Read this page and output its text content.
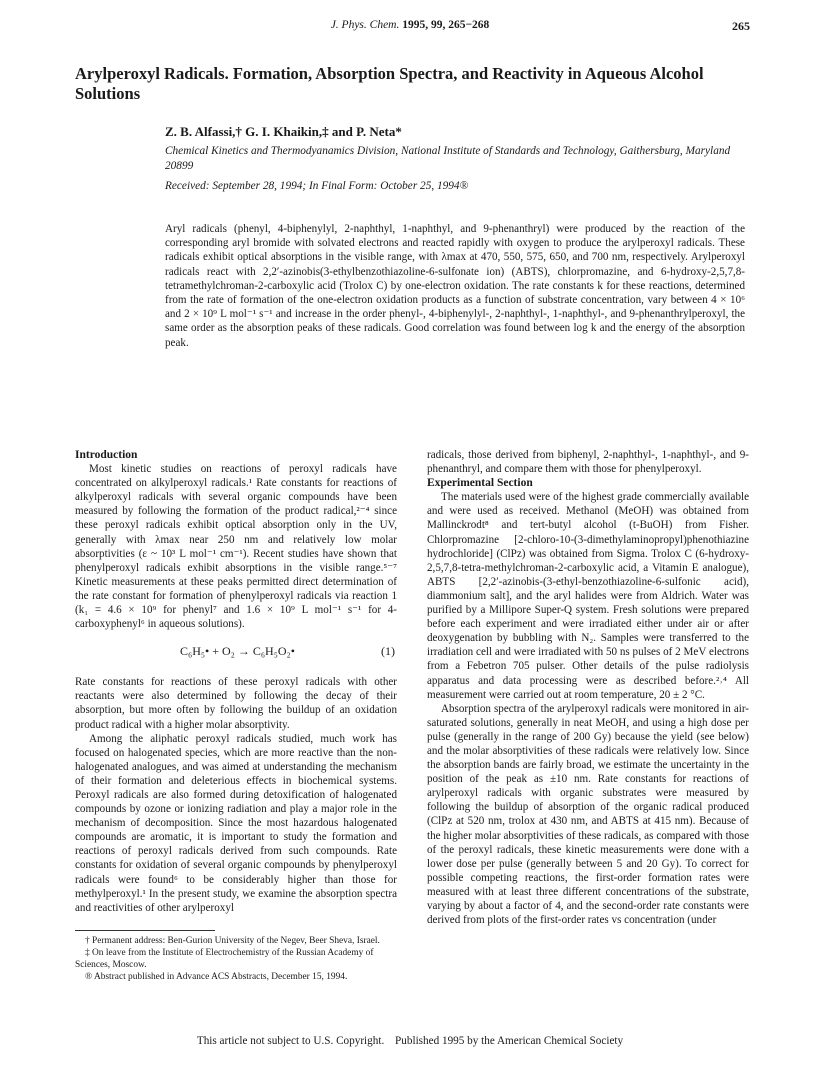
J. Phys. Chem. 1995, 99, 265−268	265
Arylperoxyl Radicals. Formation, Absorption Spectra, and Reactivity in Aqueous Alcohol Solutions
Z. B. Alfassi,† G. I. Khaikin,‡ and P. Neta*
Chemical Kinetics and Thermodyanamics Division, National Institute of Standards and Technology, Gaithersburg, Maryland 20899
Received: September 28, 1994; In Final Form: October 25, 1994®
Aryl radicals (phenyl, 4-biphenylyl, 2-naphthyl, 1-naphthyl, and 9-phenanthryl) were produced by the reaction of the corresponding aryl bromide with solvated electrons and reacted rapidly with oxygen to produce the arylperoxyl radicals. These radicals exhibit optical absorptions in the visible range, with λmax at 470, 550, 575, 650, and 700 nm, respectively. Arylperoxyl radicals react with 2,2′-azinobis(3-ethylbenzothiazoline-6-sulfonate ion) (ABTS), chlorpromazine, and 6-hydroxy-2,5,7,8-tetramethylchroman-2-carboxylic acid (Trolox C) by one-electron oxidation. The rate constants k for these reactions, determined from the rate of formation of the one-electron oxidation products as a function of substrate concentration, vary between 4 × 10⁶ and 2 × 10⁹ L mol⁻¹ s⁻¹ and increase in the order phenyl-, 4-biphenylyl-, 2-naphthyl-, 1-naphthyl-, and 9-phenanthrylperoxyl, the same order as the absorption peaks of these radicals. Good correlation was found between log k and the energy of the absorption peak.

Introduction

Most kinetic studies on reactions of peroxyl radicals have concentrated on alkylperoxyl radicals.¹ Rate constants for reactions of alkylperoxyl radicals with several organic compounds have been measured by following the formation of the product radical,²⁻⁴ since these peroxyl radicals exhibit optical absorption only in the UV, generally with λmax near 250 nm and relatively low molar absorptivities (ε ~ 10³ L mol⁻¹ cm⁻¹). Recent studies have shown that phenylperoxyl radicals exhibit absorptions in the visible range.⁵⁻⁷ Kinetic measurements at these peaks permitted direct determination of the rate constant for formation of phenylperoxyl radicals via reaction 1 (k₁ = 4.6 × 10⁹ for phenyl⁷ and 1.6 × 10⁹ L mol⁻¹ s⁻¹ for 4-carboxyphenyl⁶ in aqueous solutions).

C₆H₅• + O₂ → C₆H₅O₂•	(1)

Rate constants for reactions of these peroxyl radicals with other reactants were also determined by following the decay of their absorption, but more often by following the buildup of an oxidation product radical with a higher molar absorptivity.

Among the aliphatic peroxyl radicals studied, much work has focused on halogenated species, which are more reactive than the non-halogenated analogues, and was aimed at understanding the mechanism of their formation and deleterious effects in biochemical systems. Peroxyl radicals are also formed during detoxification of halogenated compounds by ozone or ionizing radiation and play a major role in the mechanism of decomposition. Since the most hazardous halogenated compounds are aromatic, it is important to study the formation and reactions of peroxyl radicals derived from such compounds. Rate constants for oxidation of several organic compounds by phenylperoxyl radicals were found⁶ to be considerably higher than those for methylperoxyl.¹ In the present study, we examine the absorption spectra and reactivities of other arylperoxyl

† Permanent address: Ben-Gurion University of the Negev, Beer Sheva, Israel.

‡ On leave from the Institute of Electrochemistry of the Russian Academy of Sciences, Moscow.

® Abstract published in Advance ACS Abstracts, December 15, 1994.

radicals, those derived from biphenyl, 2-naphthyl-, 1-naphthyl-, and 9-phenanthryl, and compare them with those for phenylperoxyl.

Experimental Section

The materials used were of the highest grade commercially available and were used as received. Methanol (MeOH) was obtained from Mallinckrodt⁸ and tert-butyl alcohol (t-BuOH) from Fisher. Chlorpromazine [2-chloro-10-(3-dimethylaminopropyl)phenothiazine hydrochloride] (ClPz) was obtained from Sigma. Trolox C (6-hydroxy-2,5,7,8-tetra-methylchroman-2-carboxylic acid, a Vitamin E analogue), ABTS [2,2′-azinobis-(3-ethyl-benzothiazoline-6-sulfonic acid), diammonium salt], and the aryl halides were from Aldrich. Water was purified by a Millipore Super-Q system. Fresh solutions were prepared before each experiment and were irradiated either under air or after deoxygenation by bubbling with N₂. Samples were transferred to the irradiation cell and were irradiated with 50 ns pulses of 2 MeV electrons from a Febetron 705 pulser. Other details of the pulse radiolysis apparatus and data processing were as described before.²˒⁴ All measurement were carried out at room temperature, 20 ± 2 °C.

Absorption spectra of the arylperoxyl radicals were monitored in air-saturated solutions, generally in neat MeOH, and using a high dose per pulse (generally in the range of 200 Gy) because the yield (see below) and the molar absorptivities of these radicals were relatively low. Since the absorption bands are fairly broad, we estimate the uncertainty in the position of the peak as ±10 nm. Rate constants for reactions of arylperoxyl radicals with organic substrates were measured by following the buildup of absorption of the organic radical produced (ClPz at 520 nm, trolox at 430 nm, and ABTS at 415 nm). Because of the higher molar absorptivities of these radicals, as compared with those of the peroxyl radicals, these kinetic measurements were done with a lower dose per pulse (generally between 5 and 20 Gy). To correct for possible competing reactions, the first-order formation rates were measured with at least three different concentrations of the substrate, varying by about a factor of 4, and the second-order rate constants were derived from plots of the first-order rates vs concentration (under

This article not subject to U.S. Copyright. Published 1995 by the American Chemical Society
